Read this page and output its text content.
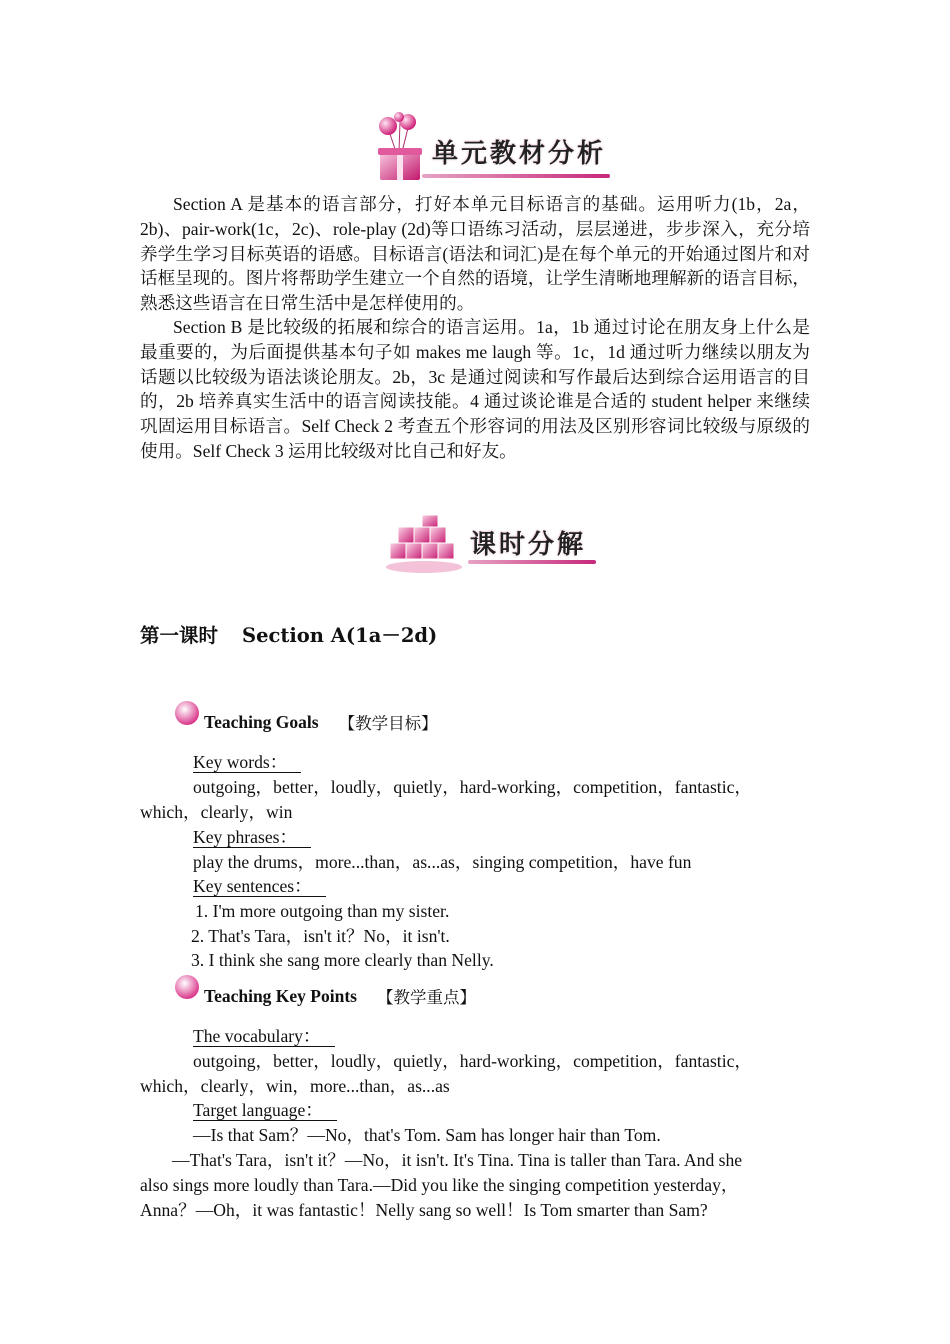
单元教材分析

Section A 是基本的语言部分，打好本单元目标语言的基础。运用听力(1b，2a，2b)、pair-work(1c，2c)、role-play (2d)等口语练习活动，层层递进，步步深入，充分培养学生学习目标英语的语感。目标语言(语法和词汇)是在每个单元的开始通过图片和对话框呈现的。图片将帮助学生建立一个自然的语境，让学生清晰地理解新的语言目标，熟悉这些语言在日常生活中是怎样使用的。

Section B 是比较级的拓展和综合的语言运用。1a，1b 通过讨论在朋友身上什么是最重要的，为后面提供基本句子如 makes me laugh 等。1c，1d 通过听力继续以朋友为话题以比较级为语法谈论朋友。2b，3c 是通过阅读和写作最后达到综合运用语言的目的，2b 培养真实生活中的语言阅读技能。4 通过谈论谁是合适的 student helper 来继续巩固运用目标语言。Self Check 2 考查五个形容词的用法及区别形容词比较级与原级的使用。Self Check 3 运用比较级对比自己和好友。

课时分解
第一课时 Section A(1a－2d)
Teaching Goals 【教学目标】
Key words：
outgoing，better，loudly，quietly，hard-working，competition，fantastic，
which，clearly，win
Key phrases：
play the drums，more...than，as...as，singing competition，have fun
Key sentences：
1. I'm more outgoing than my sister.
2. That's Tara，isn't it？No，it isn't.
3. I think she sang more clearly than Nelly.
Teaching Key Points 【教学重点】
The vocabulary：
outgoing，better，loudly，quietly，hard-working，competition，fantastic，
which，clearly，win，more...than，as...as
Target language：
—Is that Sam？—No，that's Tom. Sam has longer hair than Tom.
—That's Tara，isn't it？—No，it isn't. It's Tina. Tina is taller than Tara. And she
also sings more loudly than Tara.—Did you like the singing competition yesterday，
Anna？—Oh，it was fantastic！Nelly sang so well！Is Tom smarter than Sam?
